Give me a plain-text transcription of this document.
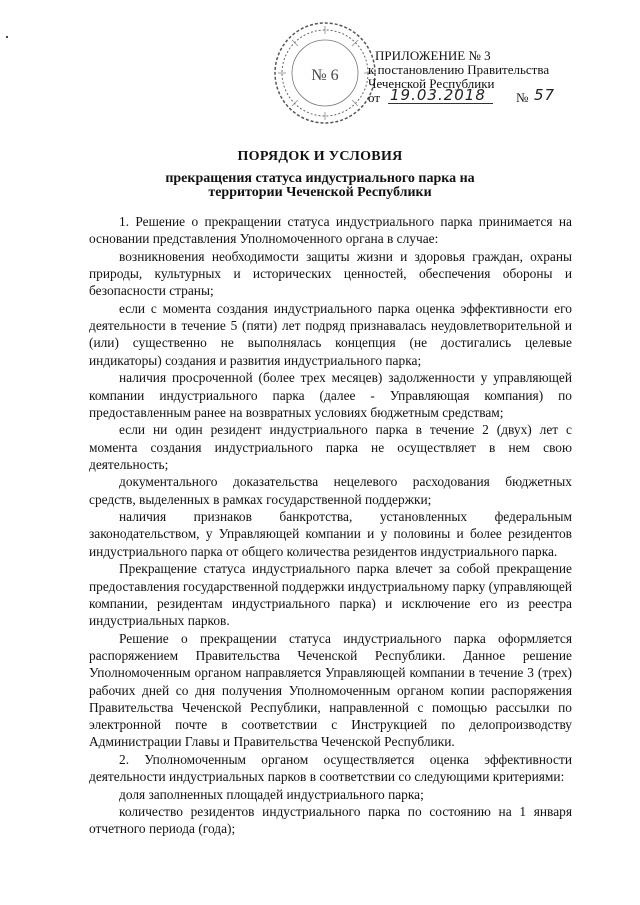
№ 6
ПРИЛОЖЕНИЕ № 3
к постановлению Правительства
Чеченской Республики
от 19.03.2018 № 57
ПОРЯДОК И УСЛОВИЯ
прекращения статуса индустриального парка на территории Чеченской Республики

1. Решение о прекращении статуса индустриального парка принимается на основании представления Уполномоченного органа в случае:

возникновения необходимости защиты жизни и здоровья граждан, охраны природы, культурных и исторических ценностей, обеспечения обороны и безопасности страны;

если с момента создания индустриального парка оценка эффективности его деятельности в течение 5 (пяти) лет подряд признавалась неудовлетворительной и (или) существенно не выполнялась концепция (не достигались целевые индикаторы) создания и развития индустриального парка;

наличия просроченной (более трех месяцев) задолженности у управляющей компании индустриального парка (далее - Управляющая компания) по предоставленным ранее на возвратных условиях бюджетным средствам;

если ни один резидент индустриального парка в течение 2 (двух) лет с момента создания индустриального парка не осуществляет в нем свою деятельность;

документального доказательства нецелевого расходования бюджетных средств, выделенных в рамках государственной поддержки;

наличия признаков банкротства, установленных федеральным законодательством, у Управляющей компании и у половины и более резидентов индустриального парка от общего количества резидентов индустриального парка.

Прекращение статуса индустриального парка влечет за собой прекращение предоставления государственной поддержки индустриальному парку (управляющей компании, резидентам индустриального парка) и исключение его из реестра индустриальных парков.

Решение о прекращении статуса индустриального парка оформляется распоряжением Правительства Чеченской Республики. Данное решение Уполномоченным органом направляется Управляющей компании в течение 3 (трех) рабочих дней со дня получения Уполномоченным органом копии распоряжения Правительства Чеченской Республики, направленной с помощью рассылки по электронной почте в соответствии с Инструкцией по делопроизводству Администрации Главы и Правительства Чеченской Республики.

2. Уполномоченным органом осуществляется оценка эффективности деятельности индустриальных парков в соответствии со следующими критериями:

доля заполненных площадей индустриального парка;

количество резидентов индустриального парка по состоянию на 1 января отчетного периода (года);
